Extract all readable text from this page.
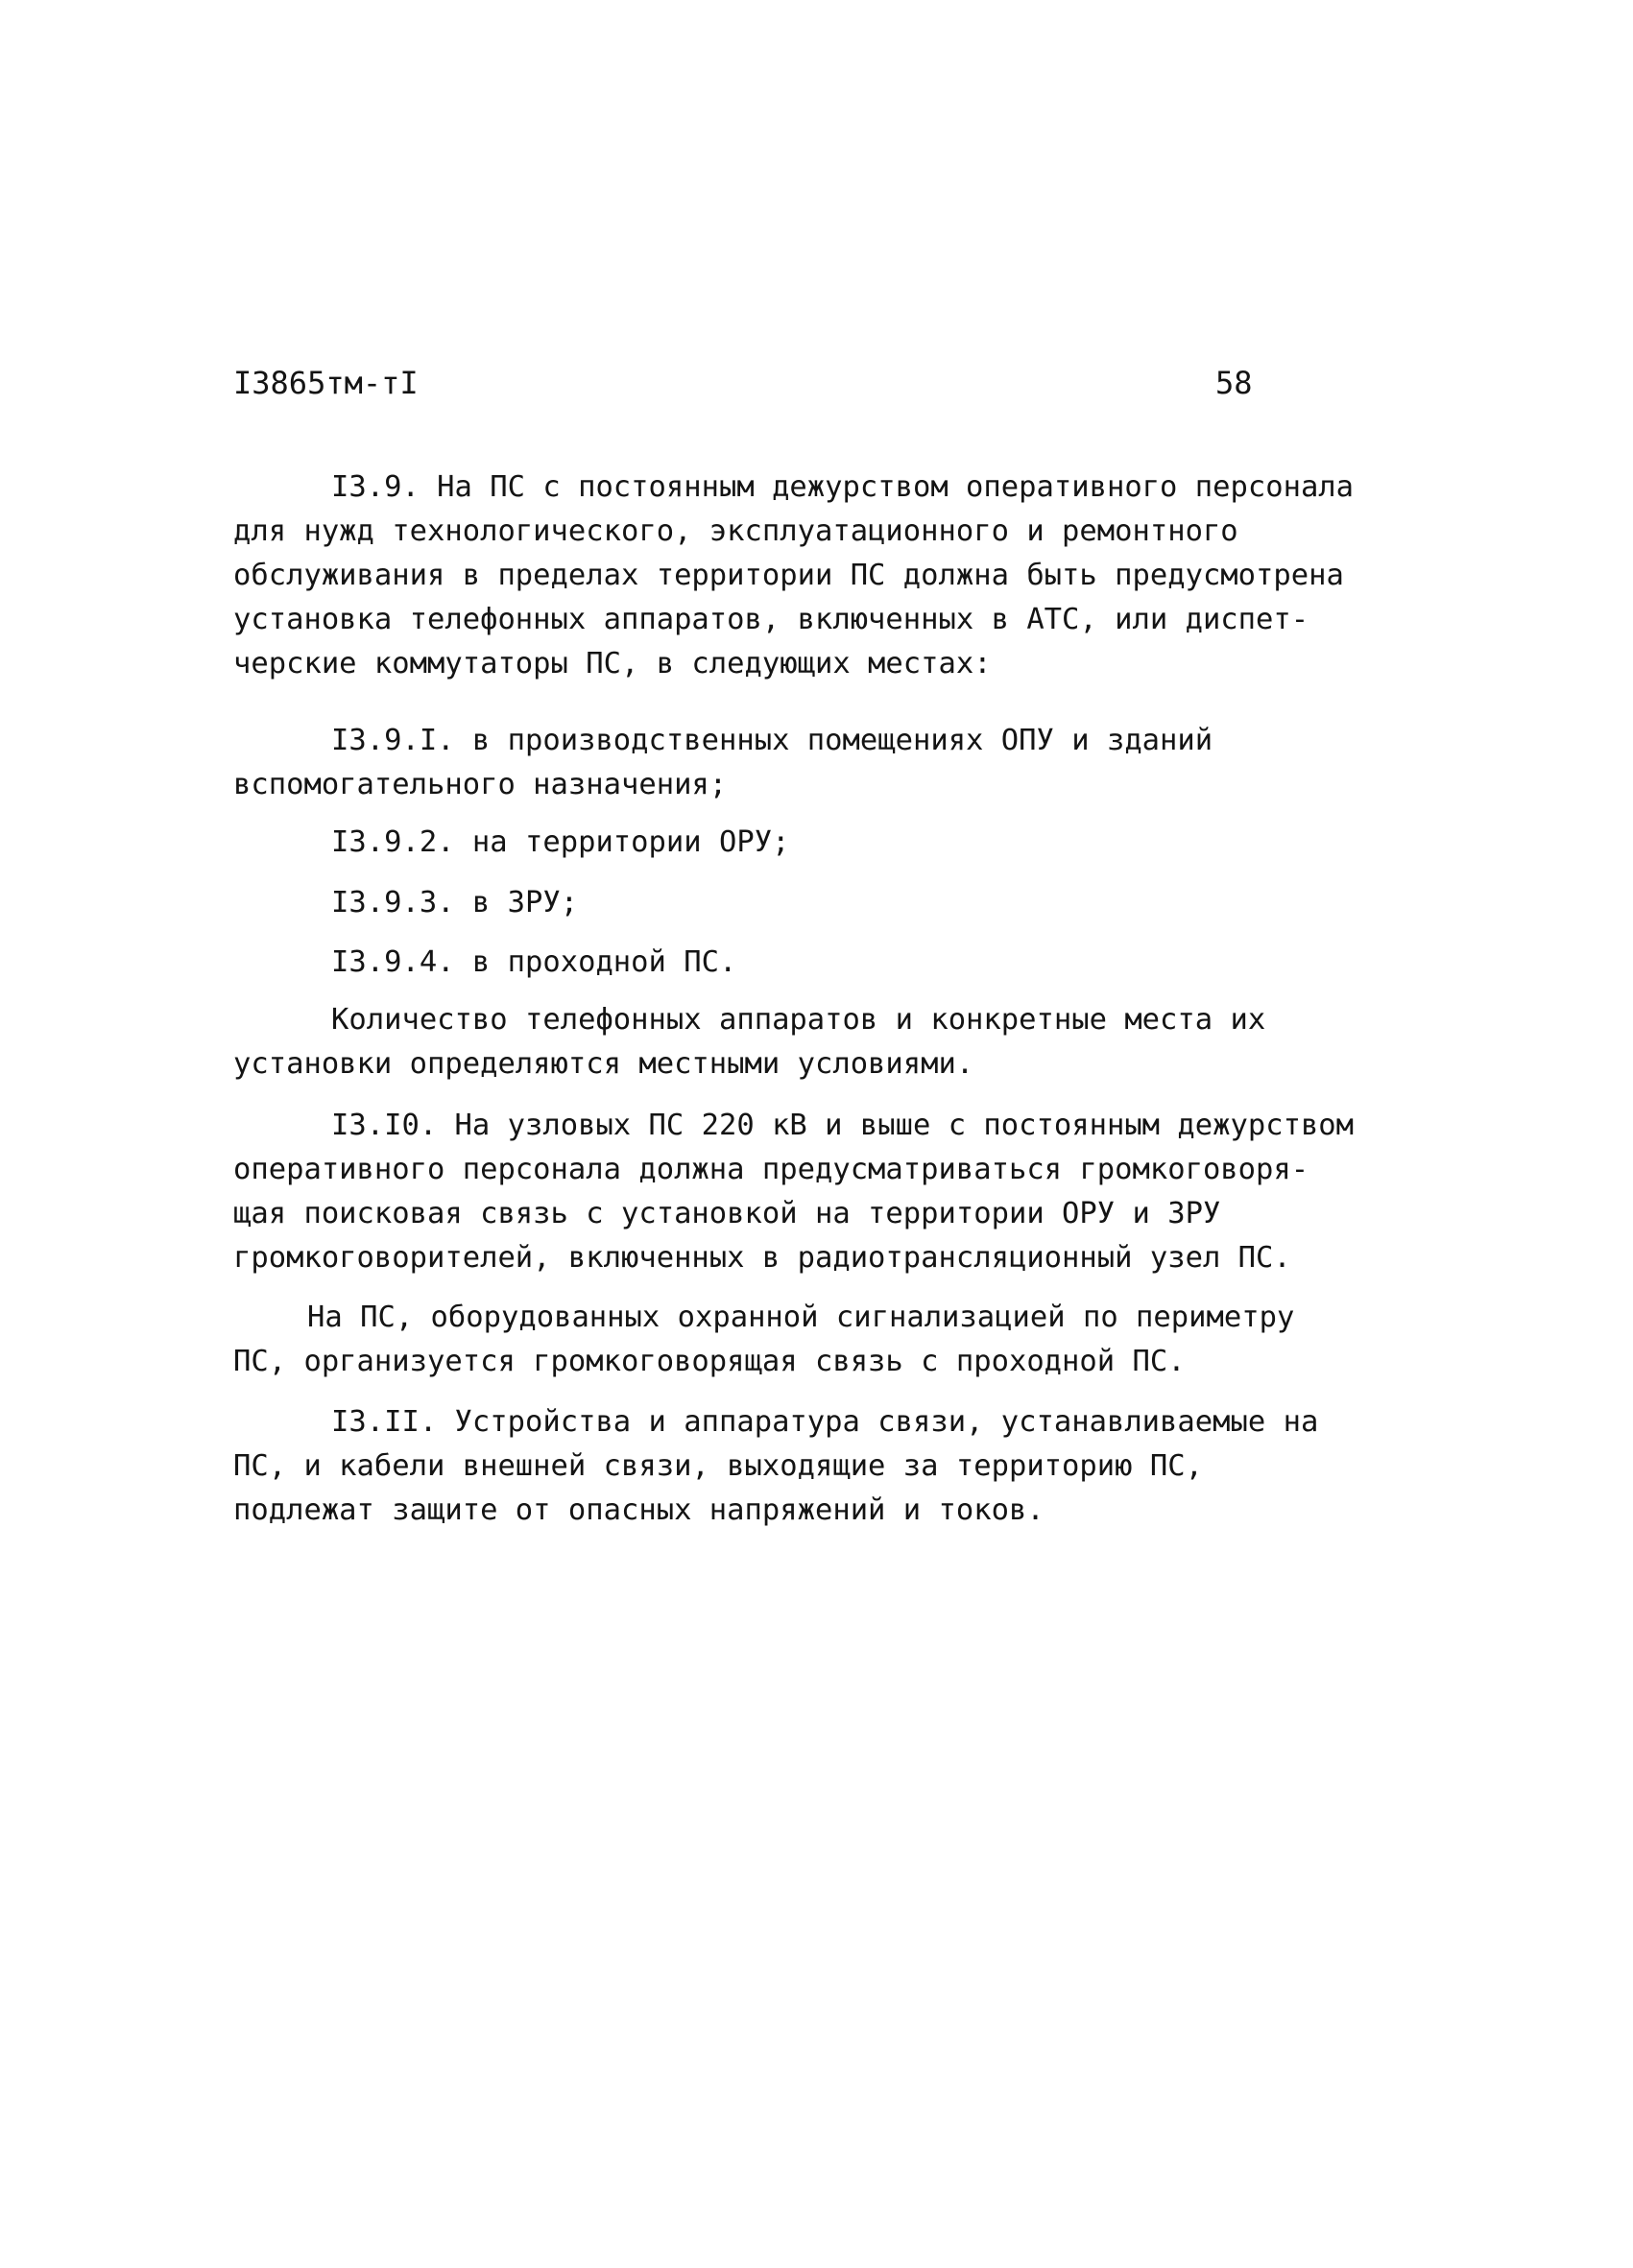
I3865тм-тI	58
I3.9. На ПС с постоянным дежурством оперативного персонала
для нужд технологического, эксплуатационного и ремонтного
обслуживания в пределах территории ПС должна быть предусмотрена
установка телефонных аппаратов, включенных в АТС, или диспет-
черские коммутаторы ПС, в следующих местах:
I3.9.I. в производственных помещениях ОПУ и зданий
вспомогательного назначения;
I3.9.2. на территории ОРУ;
I3.9.3. в ЗРУ;
I3.9.4. в проходной ПС.
Количество телефонных аппаратов и конкретные места их
установки определяются местными условиями.
I3.I0. На узловых ПС 220 кВ и выше с постоянным дежурством
оперативного персонала должна предусматриваться громкоговоря-
щая поисковая связь с установкой на территории ОРУ и ЗРУ
громкоговорителей, включенных в радиотрансляционный узел ПС.
На ПС, оборудованных охранной сигнализацией по периметру
ПС, организуется громкоговорящая связь с проходной ПС.
I3.II. Устройства и аппаратура связи, устанавливаемые на
ПС, и кабели внешней связи, выходящие за территорию ПС,
подлежат защите от опасных напряжений и токов.
